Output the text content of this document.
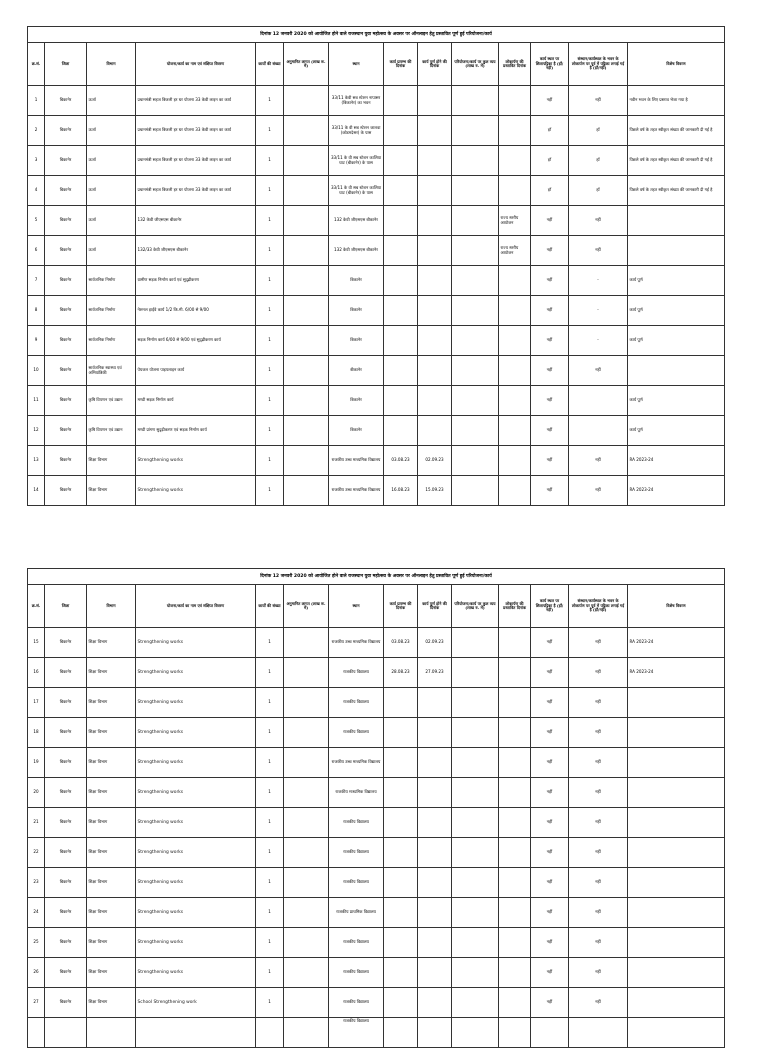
दिनांक 12 जनवरी 2020 को आयोजित होने वाले राजस्थान युवा महोत्सव के अवसर पर ऑनलाइन हेतु प्रस्तावित पूर्ण हुई परियोजना/कार्य													
क्र.सं.	जिला	विभाग	योजना/कार्य का नाम एवं संक्षिप्त विवरण	कार्यों की संख्या	अनुमानित लागत (लाख रू. में)	स्थान	कार्य प्रारम्भ की दिनांक	कार्य पूर्ण होने की दिनांक	परियोजना/कार्य पर कुल व्यय (लाख रु. में)	लोकार्पण की प्रस्तावित दिनांक	कार्य स्थल पर शिलापट्टिका है (हाँ/नहीं)	संस्थान/कार्यस्थल के भवन के लोकार्पण पर पूर्व में पट्टिका लगाई गई है (हाँ/नहीं)	विशेष विवरण
1	बिकानेर	ऊर्जा	प्रधानमंत्री सहज बिजली हर घर योजना 33 केवी लाइन का कार्य	1		33/11 केवी सब स्टेशन नापासर (बिकानेर) का भवन					नहीं	नहीं	नवीन भवन के लिए प्रस्ताव भेजा गया है
2	बिकानेर	ऊर्जा	प्रधानमंत्री सहज बिजली हर घर योजना 33 केवी लाइन का कार्य	1		33/11 के वी सब स्टेशन जालवा (कोडमदेसर) के पास					हाँ	हाँ	पिछले वर्ष के तहत स्वीकृत संख्या की जानकारी दी गई है
3	बिकानेर	ऊर्जा	प्रधानमंत्री सहज बिजली हर घर योजना 33 केवी लाइन का कार्य	1		33/11 के वी सब स्टेशन कालिया घाट (बीकानेर) के पास					हाँ	हाँ	पिछले वर्ष के तहत स्वीकृत संख्या की जानकारी दी गई है
4	बिकानेर	ऊर्जा	प्रधानमंत्री सहज बिजली हर घर योजना 33 केवी लाइन का कार्य	1		33/11 के वी सब स्टेशन कालिया घाट (बीकानेर) के पास					हाँ	हाँ	पिछले वर्ष के तहत स्वीकृत संख्या की जानकारी दी गई है
5	बिकानेर	ऊर्जा	132 केवी जीएसएस बीकानेर	1		132 केवी जीएसएस बीकानेर				राज्य स्तरीय आयोजन	नहीं	नहीं	
6	बिकानेर	ऊर्जा	132/33 केवी जीएसएस बीकानेर	1		132 केवी जीएसएस बीकानेर				राज्य स्तरीय आयोजन	नहीं	नहीं	
7	बिकानेर	सार्वजनिक निर्माण	ग्रामीण सड़क निर्माण कार्य एवं सुदृढ़ीकरण	1		बिकानेर					नहीं	-	कार्य पूर्ण
8	बिकानेर	सार्वजनिक निर्माण	नेशनल हाईवे कार्य 1/2 कि.मी. 6/00 से 9/00	1		बिकानेर					नहीं	-	कार्य पूर्ण
9	बिकानेर	सार्वजनिक निर्माण	सड़क निर्माण कार्य 6/00 से 9/00 एवं सुदृढ़ीकरण कार्य	1		बिकानेर					नहीं	-	कार्य पूर्ण
10	बिकानेर	सार्वजनिक स्वास्थ्य एवं अभियांत्रिकी	पेयजल योजना पाइपलाइन कार्य	1		बीकानेर					नहीं	नहीं	
11	बिकानेर	कृषि विपणन एवं उद्यान	मण्डी सड़क निर्माण कार्य	1		बिकानेर					नहीं		कार्य पूर्ण
12	बिकानेर	कृषि विपणन एवं उद्यान	मण्डी प्रांगण सुदृढ़ीकरण एवं सड़क निर्माण कार्य	1		बिकानेर					नहीं		कार्य पूर्ण
13	बिकानेर	शिक्षा विभाग	Strengthening works	1		राजकीय उच्च माध्यमिक विद्यालय	03.08.23	02.09.23			नहीं	नहीं	RA 2023-24
14	बिकानेर	शिक्षा विभाग	Strengthening works	1		राजकीय उच्च माध्यमिक विद्यालय	16.08.23	15.09.23			नहीं	नहीं	RA 2023-24
दिनांक 12 जनवरी 2020 को आयोजित होने वाले राजस्थान युवा महोत्सव के अवसर पर ऑनलाइन हेतु प्रस्तावित पूर्ण हुई परियोजना/कार्य													
क्र.सं.	जिला	विभाग	योजना/कार्य का नाम एवं संक्षिप्त विवरण	कार्यों की संख्या	अनुमानित लागत (लाख रू. में)	स्थान	कार्य प्रारम्भ की दिनांक	कार्य पूर्ण होने की दिनांक	परियोजना/कार्य पर कुल व्यय (लाख रु. में)	लोकार्पण की प्रस्तावित दिनांक	कार्य स्थल पर शिलापट्टिका है (हाँ/नहीं)	संस्थान/कार्यस्थल के भवन के लोकार्पण पर पूर्व में पट्टिका लगाई गई है (हाँ/नहीं)	विशेष विवरण
15	बिकानेर	शिक्षा विभाग	Strengthening works	1		राजकीय उच्च माध्यमिक विद्यालय	03.08.23	02.09.23			नहीं	नहीं	RA 2023-24
16	बिकानेर	शिक्षा विभाग	Strengthening works	1		राजकीय विद्यालय	28.08.23	27.09.23			नहीं	नहीं	RA 2023-24
17	बिकानेर	शिक्षा विभाग	Strengthening works	1		राजकीय विद्यालय					नहीं	नहीं	
18	बिकानेर	शिक्षा विभाग	Strengthening works	1		राजकीय विद्यालय					नहीं	नहीं	
19	बिकानेर	शिक्षा विभाग	Strengthening works	1		राजकीय उच्च माध्यमिक विद्यालय					नहीं	नहीं	
20	बिकानेर	शिक्षा विभाग	Strengthening works	1		राजकीय माध्यमिक विद्यालय					नहीं	नहीं	
21	बिकानेर	शिक्षा विभाग	Strengthening works	1		राजकीय विद्यालय					नहीं	नहीं	
22	बिकानेर	शिक्षा विभाग	Strengthening works	1		राजकीय विद्यालय					नहीं	नहीं	
23	बिकानेर	शिक्षा विभाग	Strengthening works	1		राजकीय विद्यालय					नहीं	नहीं	
24	बिकानेर	शिक्षा विभाग	Strengthening works	1		राजकीय प्राथमिक विद्यालय					नहीं	नहीं	
25	बिकानेर	शिक्षा विभाग	Strengthening works	1		राजकीय विद्यालय					नहीं	नहीं	
26	बिकानेर	शिक्षा विभाग	Strengthening works	1		राजकीय विद्यालय					नहीं	नहीं	
27	बिकानेर	शिक्षा विभाग	School Strengthening work	1		राजकीय विद्यालय					नहीं	नहीं	
						राजकीय विद्यालय							
